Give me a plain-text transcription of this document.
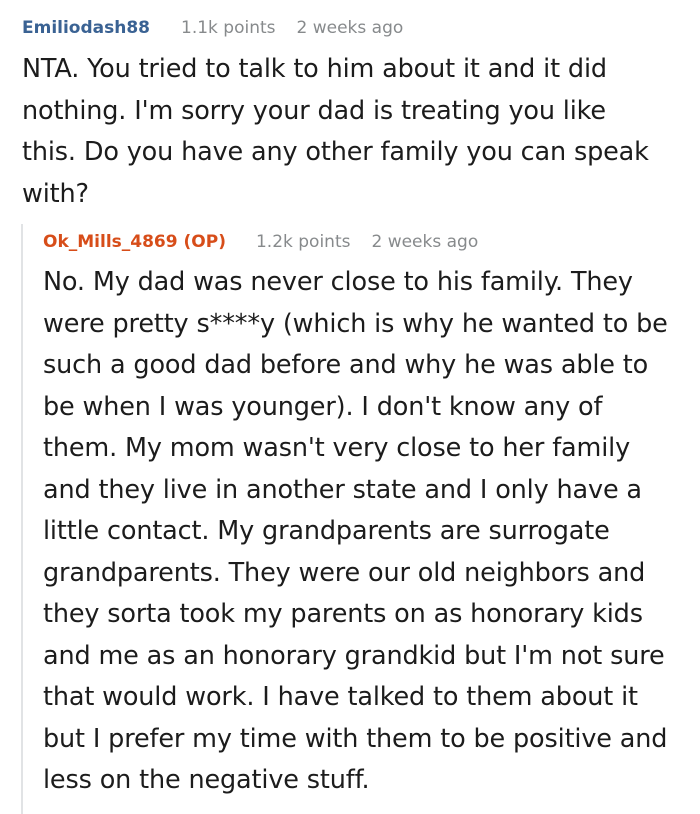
Emiliodash88 1.1k points 2 weeks ago

NTA. You tried to talk to him about it and it did nothing. I'm sorry your dad is treating you like this. Do you have any other family you can speak with?

Ok_Mills_4869 (OP) 1.2k points 2 weeks ago

No. My dad was never close to his family. They were pretty s****y (which is why he wanted to be such a good dad before and why he was able to be when I was younger). I don't know any of them. My mom wasn't very close to her family and they live in another state and I only have a little contact. My grandparents are surrogate grandparents. They were our old neighbors and they sorta took my parents on as honorary kids and me as an honorary grandkid but I'm not sure that would work. I have talked to them about it but I prefer my time with them to be positive and less on the negative stuff.
